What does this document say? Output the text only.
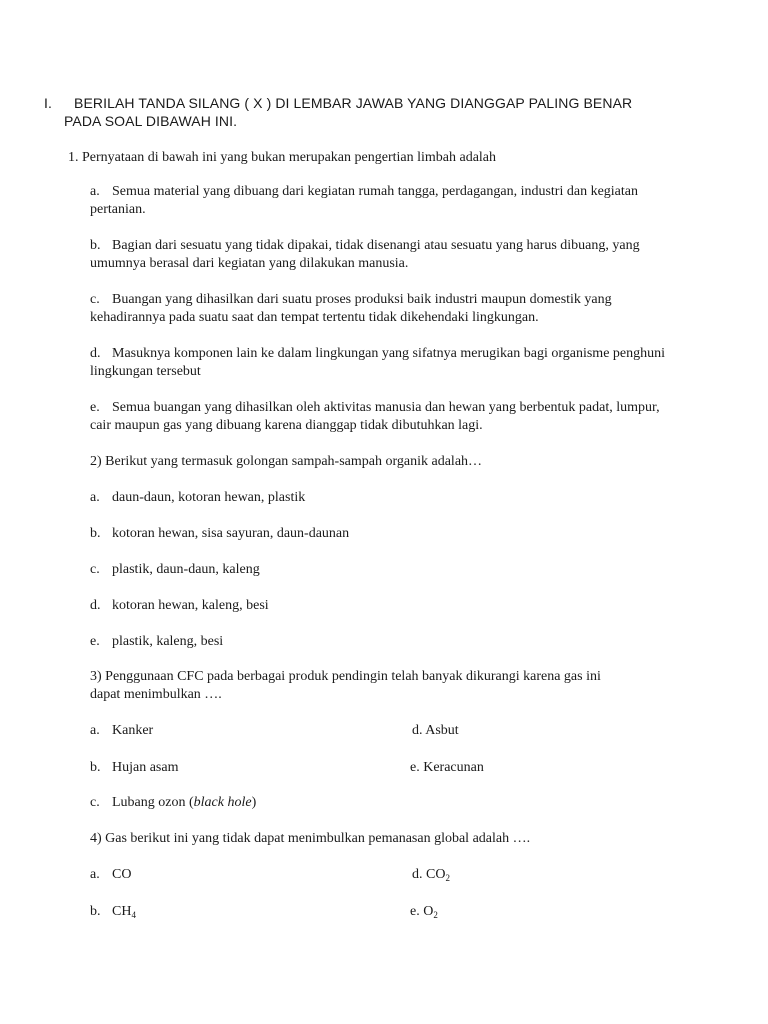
I. BERILAH TANDA SILANG ( X ) DI LEMBAR JAWAB YANG DIANGGAP PALING BENAR
PADA SOAL DIBAWAH INI.
1. Pernyataan di bawah ini yang bukan merupakan pengertian limbah adalah
a. Semua material yang dibuang dari kegiatan rumah tangga, perdagangan, industri dan kegiatan pertanian.
b. Bagian dari sesuatu yang tidak dipakai, tidak disenangi atau sesuatu yang harus dibuang, yang umumnya berasal dari kegiatan yang dilakukan manusia.
c. Buangan yang dihasilkan dari suatu proses produksi baik industri maupun domestik yang kehadirannya pada suatu saat dan tempat tertentu tidak dikehendaki lingkungan.
d. Masuknya komponen lain ke dalam lingkungan yang sifatnya merugikan bagi organisme penghuni lingkungan tersebut
e. Semua buangan yang dihasilkan oleh aktivitas manusia dan hewan yang berbentuk padat, lumpur, cair maupun gas yang dibuang karena dianggap tidak dibutuhkan lagi.
2) Berikut yang termasuk golongan sampah-sampah organik adalah…
a. daun-daun, kotoran hewan, plastik
b. kotoran hewan, sisa sayuran, daun-daunan
c. plastik, daun-daun, kaleng
d. kotoran hewan, kaleng, besi
e. plastik, kaleng, besi
3) Penggunaan CFC pada berbagai produk pendingin telah banyak dikurangi karena gas ini
dapat menimbulkan ….
a. Kanker	d. Asbut
b. Hujan asam	e. Keracunan
c. Lubang ozon (black hole)
4) Gas berikut ini yang tidak dapat menimbulkan pemanasan global adalah ….
a. CO	d. $CO_2$
b. $CH_4$	e. $O_2$
